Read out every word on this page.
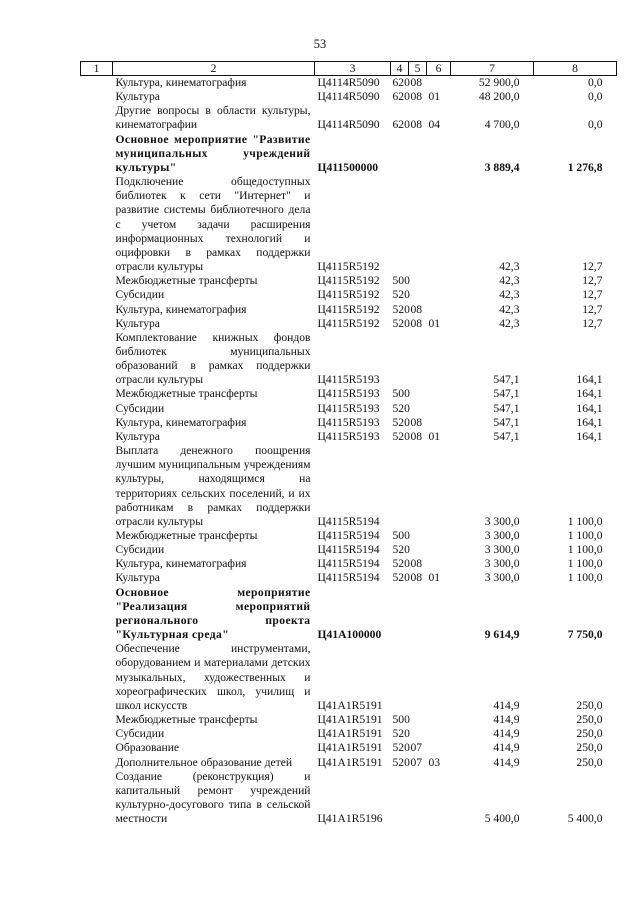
53
1	2	3	4	5	6	7	8

	Культура, кинематография	Ц4114R5090	620	08		52 900,0	0,0

	Культура	Ц4114R5090	620	08	01	48 200,0	0,0

	Другие вопросы в области культуры, кинематографии	Ц4114R5090	620	08	04	4 700,0	0,0

	Основное мероприятие "Развитие муниципальных учреждений культуры"	Ц411500000				3 889,4	1 276,8

	Подключение общедоступных библиотек к сети "Интернет" и развитие системы библиотечного дела с учетом задачи расширения информационных технологий и оцифровки в рамках поддержки отрасли культуры	Ц4115R5192				42,3	12,7

	Межбюджетные трансферты	Ц4115R5192	500			42,3	12,7

	Субсидии	Ц4115R5192	520			42,3	12,7

	Культура, кинематография	Ц4115R5192	520	08		42,3	12,7

	Культура	Ц4115R5192	520	08	01	42,3	12,7

	Комплектование книжных фондов библиотек муниципальных образований в рамках поддержки отрасли культуры	Ц4115R5193				547,1	164,1

	Межбюджетные трансферты	Ц4115R5193	500			547,1	164,1

	Субсидии	Ц4115R5193	520			547,1	164,1

	Культура, кинематография	Ц4115R5193	520	08		547,1	164,1

	Культура	Ц4115R5193	520	08	01	547,1	164,1

	Выплата денежного поощрения лучшим муниципальным учреждениям культуры, находящимся на территориях сельских поселений, и их работникам в рамках поддержки отрасли культуры	Ц4115R5194				3 300,0	1 100,0

	Межбюджетные трансферты	Ц4115R5194	500			3 300,0	1 100,0

	Субсидии	Ц4115R5194	520			3 300,0	1 100,0

	Культура, кинематография	Ц4115R5194	520	08		3 300,0	1 100,0

	Культура	Ц4115R5194	520	08	01	3 300,0	1 100,0

	Основное мероприятие "Реализация мероприятий регионального проекта "Культурная среда"	Ц41А100000				9 614,9	7 750,0

	Обеспечение инструментами, оборудованием и материалами детских музыкальных, художественных и хореографических школ, училищ и школ искусств	Ц41А1R5191				414,9	250,0

	Межбюджетные трансферты	Ц41А1R5191	500			414,9	250,0

	Субсидии	Ц41А1R5191	520			414,9	250,0

	Образование	Ц41А1R5191	520	07		414,9	250,0

	Дополнительное образование детей	Ц41А1R5191	520	07	03	414,9	250,0

	Создание (реконструкция) и капитальный ремонт учреждений культурно-досугового типа в сельской местности	Ц41А1R5196				5 400,0	5 400,0
